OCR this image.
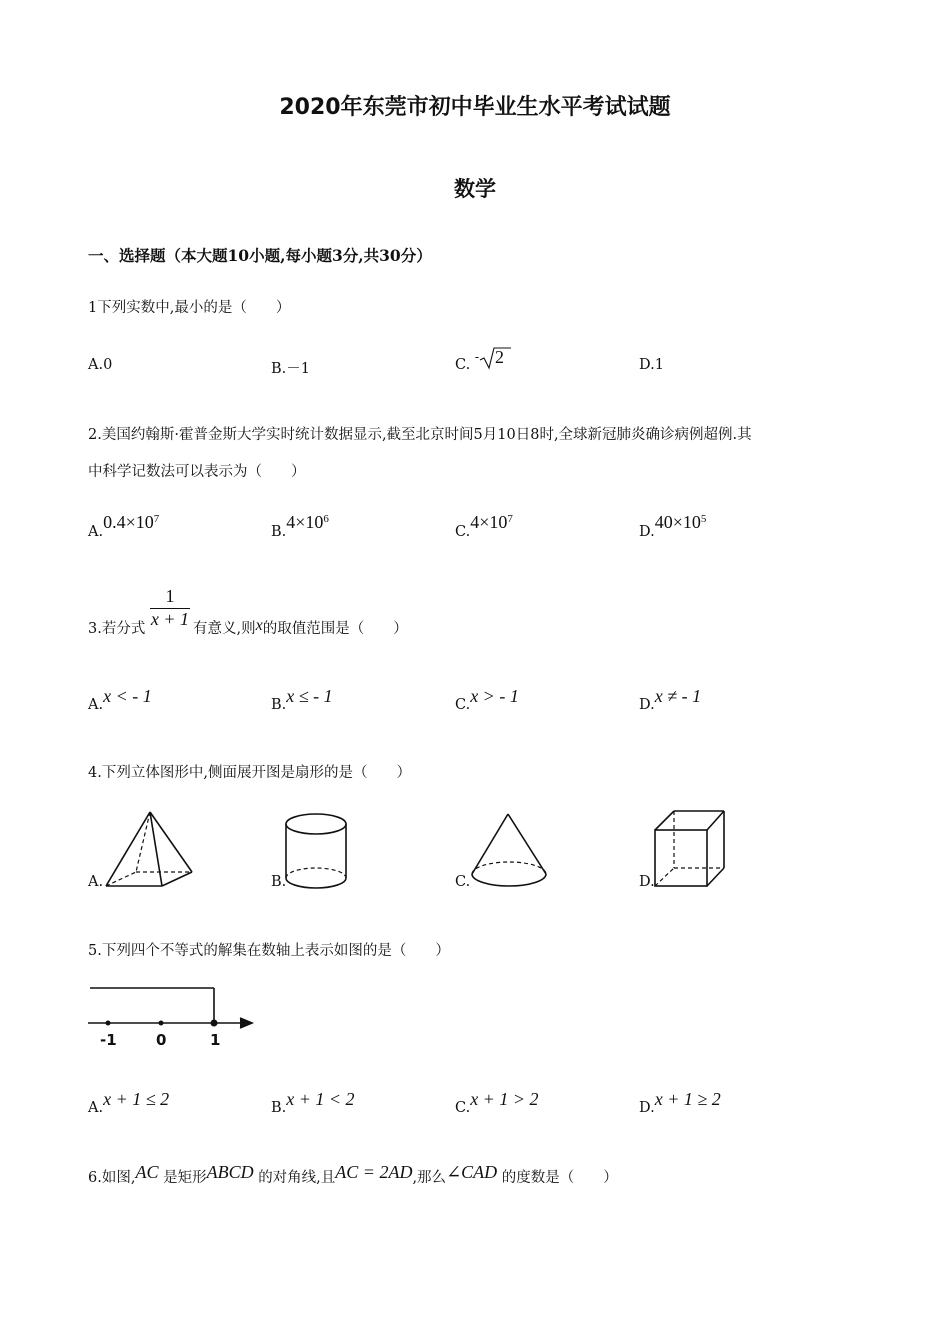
2020年东莞市初中毕业生水平考试试题
数学
一、选择题（本大题10小题,每小题3分,共30分）
1下列实数中,最小的是（　　）
A.0	B.－1	C. - 2	D.1
2.美国约翰斯·霍普金斯大学实时统计数据显示,截至北京时间5月10日8时,全球新冠肺炎确诊病例超例.其
中科学记数法可以表示为（　　）
$A.0.4\times 10^7$
$B.4\times 10^6$
$C.4\times 10^7$
$D.40\times 10^5$
3.若分式 $\frac{1}{x + 1}$ 有意义,则x的取值范围是（　　）
A.x < - 1	B.x ≤ - 1	C.x > - 1	D.x ≠ - 1
4.下列立体图形中,侧面展开图是扇形的是（　　）
A.	B.	C.	D.
5.下列四个不等式的解集在数轴上表示如图的是（　　）
-1	0	1
A.x + 1 ≤ 2	B.x + 1 < 2	C.x + 1 > 2	D.x + 1 ≥ 2
6.如图,AC 是矩形ABCD 的对角线,且AC = 2AD,那么∠CAD 的度数是（　　）
